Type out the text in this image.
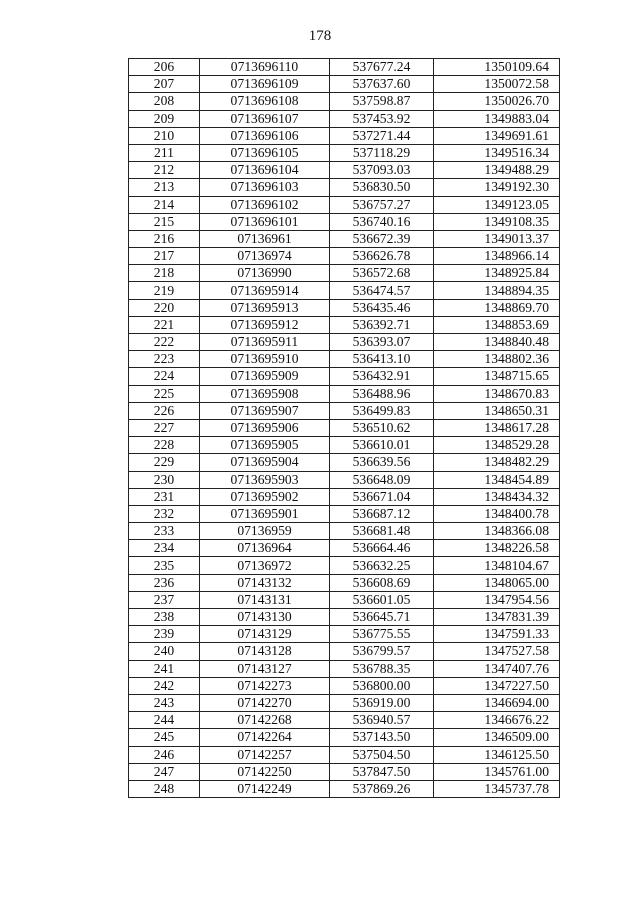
178
206	0713696110	537677.24	1350109.64
207	0713696109	537637.60	1350072.58
208	0713696108	537598.87	1350026.70
209	0713696107	537453.92	1349883.04
210	0713696106	537271.44	1349691.61
211	0713696105	537118.29	1349516.34
212	0713696104	537093.03	1349488.29
213	0713696103	536830.50	1349192.30
214	0713696102	536757.27	1349123.05
215	0713696101	536740.16	1349108.35
216	07136961	536672.39	1349013.37
217	07136974	536626.78	1348966.14
218	07136990	536572.68	1348925.84
219	0713695914	536474.57	1348894.35
220	0713695913	536435.46	1348869.70
221	0713695912	536392.71	1348853.69
222	0713695911	536393.07	1348840.48
223	0713695910	536413.10	1348802.36
224	0713695909	536432.91	1348715.65
225	0713695908	536488.96	1348670.83
226	0713695907	536499.83	1348650.31
227	0713695906	536510.62	1348617.28
228	0713695905	536610.01	1348529.28
229	0713695904	536639.56	1348482.29
230	0713695903	536648.09	1348454.89
231	0713695902	536671.04	1348434.32
232	0713695901	536687.12	1348400.78
233	07136959	536681.48	1348366.08
234	07136964	536664.46	1348226.58
235	07136972	536632.25	1348104.67
236	07143132	536608.69	1348065.00
237	07143131	536601.05	1347954.56
238	07143130	536645.71	1347831.39
239	07143129	536775.55	1347591.33
240	07143128	536799.57	1347527.58
241	07143127	536788.35	1347407.76
242	07142273	536800.00	1347227.50
243	07142270	536919.00	1346694.00
244	07142268	536940.57	1346676.22
245	07142264	537143.50	1346509.00
246	07142257	537504.50	1346125.50
247	07142250	537847.50	1345761.00
248	07142249	537869.26	1345737.78
